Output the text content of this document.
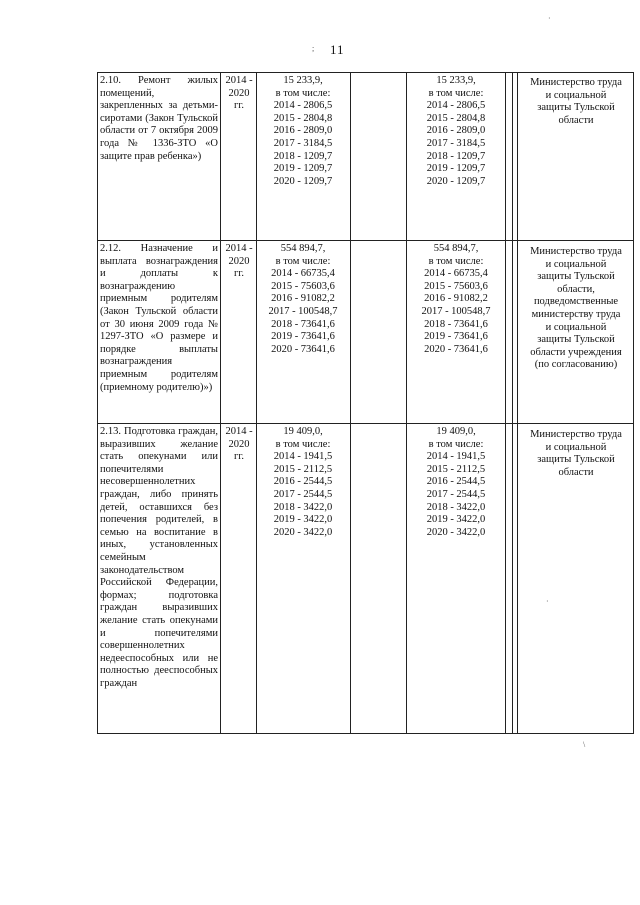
11
2.10. Ремонт жилых помещений, закрепленных за детьми-сиротами (Закон Тульской области от 7 октября 2009 года № 1336-ЗТО «О защите прав ребенка»)
2014 -
2020
гг.
15 233,9,
в том числе:
2014 - 2806,5
2015 - 2804,8
2016 - 2809,0
2017 - 3184,5
2018 - 1209,7
2019 - 1209,7
2020 - 1209,7
15 233,9,
в том числе:
2014 - 2806,5
2015 - 2804,8
2016 - 2809,0
2017 - 3184,5
2018 - 1209,7
2019 - 1209,7
2020 - 1209,7
Министерство труда
и социальной
защиты Тульской
области
2.12. Назначение и выплата вознаграждения и доплаты к вознаграждению приемным родителям (Закон Тульской области от 30 июня 2009 года № 1297-ЗТО «О размере и порядке выплаты вознаграждения приемным родителям (приемному родителю)»)
2014 -
2020
гг.
554 894,7,
в том числе:
2014 - 66735,4
2015 - 75603,6
2016 - 91082,2
2017 - 100548,7
2018 - 73641,6
2019 - 73641,6
2020 - 73641,6
554 894,7,
в том числе:
2014 - 66735,4
2015 - 75603,6
2016 - 91082,2
2017 - 100548,7
2018 - 73641,6
2019 - 73641,6
2020 - 73641,6
Министерство труда
и социальной
защиты Тульской
области,
подведомственные
министерству труда
и социальной
защиты Тульской
области учреждения
(по согласованию)
2.13. Подготовка граждан, выразивших желание стать опекунами или попечителями несовершеннолетних граждан, либо принять детей, оставшихся без попечения родителей, в семью на воспитание в иных, установленных семейным законодательством Российской Федерации, формах; подготовка граждан выразивших желание стать опекунами и попечителями совершеннолетних недееспособных или не полностью дееспособных граждан
2014 -
2020
гг.
19 409,0,
в том числе:
2014 - 1941,5
2015 - 2112,5
2016 - 2544,5
2017 - 2544,5
2018 - 3422,0
2019 - 3422,0
2020 - 3422,0
19 409,0,
в том числе:
2014 - 1941,5
2015 - 2112,5
2016 - 2544,5
2017 - 2544,5
2018 - 3422,0
2019 - 3422,0
2020 - 3422,0
Министерство труда
и социальной
защиты Тульской
области
·
;
·
\
